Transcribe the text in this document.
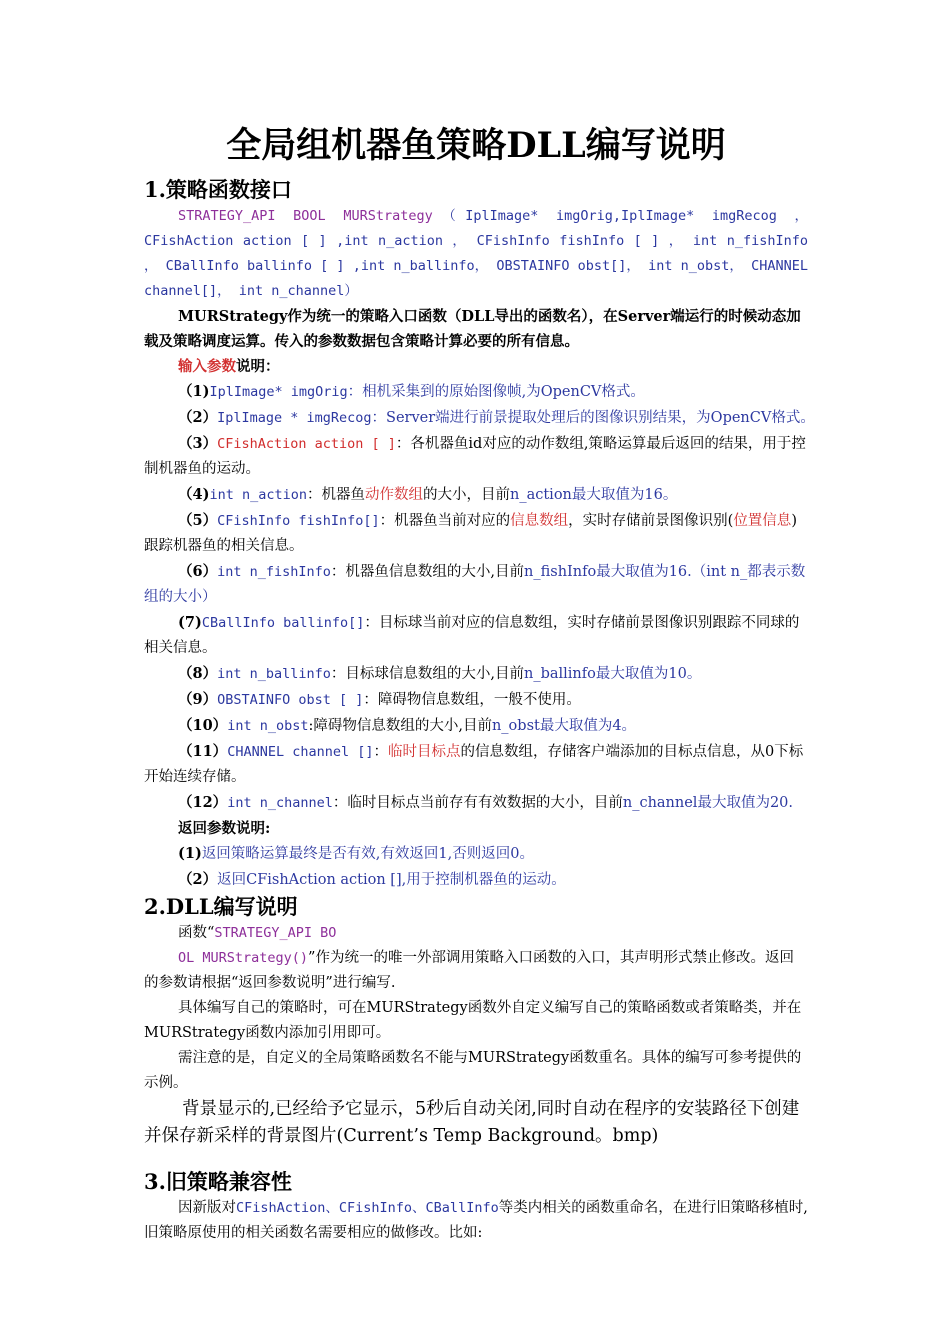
全局组机器鱼策略DLL编写说明
1.策略函数接口

STRATEGY_API BOOL MURStrategy（IplImage* imgOrig,IplImage* imgRecog ，CFishAction action [ ] ,int n_action ， CFishInfo fishInfo [ ] ， int n_fishInfo ， CBallInfo ballinfo [ ] ,int n_ballinfo， OBSTAINFO obst[]， int n_obst， CHANNEL channel[]， int n_channel）

MURStrategy作为统一的策略入口函数（DLL导出的函数名），在Server端运行的时候动态加载及策略调度运算。传入的参数数据包含策略计算必要的所有信息。

输入参数说明：

（1)IplImage* imgOrig：相机采集到的原始图像帧,为OpenCV格式。

（2）IplImage * imgRecog：Server端进行前景提取处理后的图像识别结果，为OpenCV格式。

（3）CFishAction action [ ]：各机器鱼id对应的动作数组,策略运算最后返回的结果，用于控制机器鱼的运动。

（4)int n_action：机器鱼动作数组的大小，目前n_action最大取值为16。

（5）CFishInfo fishInfo[]：机器鱼当前对应的信息数组，实时存储前景图像识别(位置信息)跟踪机器鱼的相关信息。

（6）int n_fishInfo：机器鱼信息数组的大小,目前n_fishInfo最大取值为16.（int n_都表示数组的大小）

(7)CBallInfo ballinfo[]：目标球当前对应的信息数组，实时存储前景图像识别跟踪不同球的相关信息。

（8）int n_ballinfo：目标球信息数组的大小,目前n_ballinfo最大取值为10。

（9）OBSTAINFO obst [ ]：障碍物信息数组，一般不使用。

（10）int n_obst:障碍物信息数组的大小,目前n_obst最大取值为4。

（11）CHANNEL channel []：临时目标点的信息数组，存储客户端添加的目标点信息，从0下标开始连续存储。

（12）int n_channel：临时目标点当前存有有效数据的大小，目前n_channel最大取值为20.

返回参数说明:

(1)返回策略运算最终是否有效,有效返回1,否则返回0。

（2）返回CFishAction action [],用于控制机器鱼的运动。

2.DLL编写说明

函数“STRATEGY_API BO

OL MURStrategy()”作为统一的唯一外部调用策略入口函数的入口，其声明形式禁止修改。返回的参数请根据“返回参数说明”进行编写.

具体编写自己的策略时，可在MURStrategy函数外自定义编写自己的策略函数或者策略类，并在MURStrategy函数内添加引用即可。

需注意的是，自定义的全局策略函数名不能与MURStrategy函数重名。具体的编写可参考提供的示例。

背景显示的,已经给予它显示，5秒后自动关闭,同时自动在程序的安装路径下创建并保存新采样的背景图片(Current’s Temp Background。bmp)

3.旧策略兼容性

因新版对CFishAction、CFishInfo、CBallInfo等类内相关的函数重命名，在进行旧策略移植时,旧策略原使用的相关函数名需要相应的做修改。比如:
